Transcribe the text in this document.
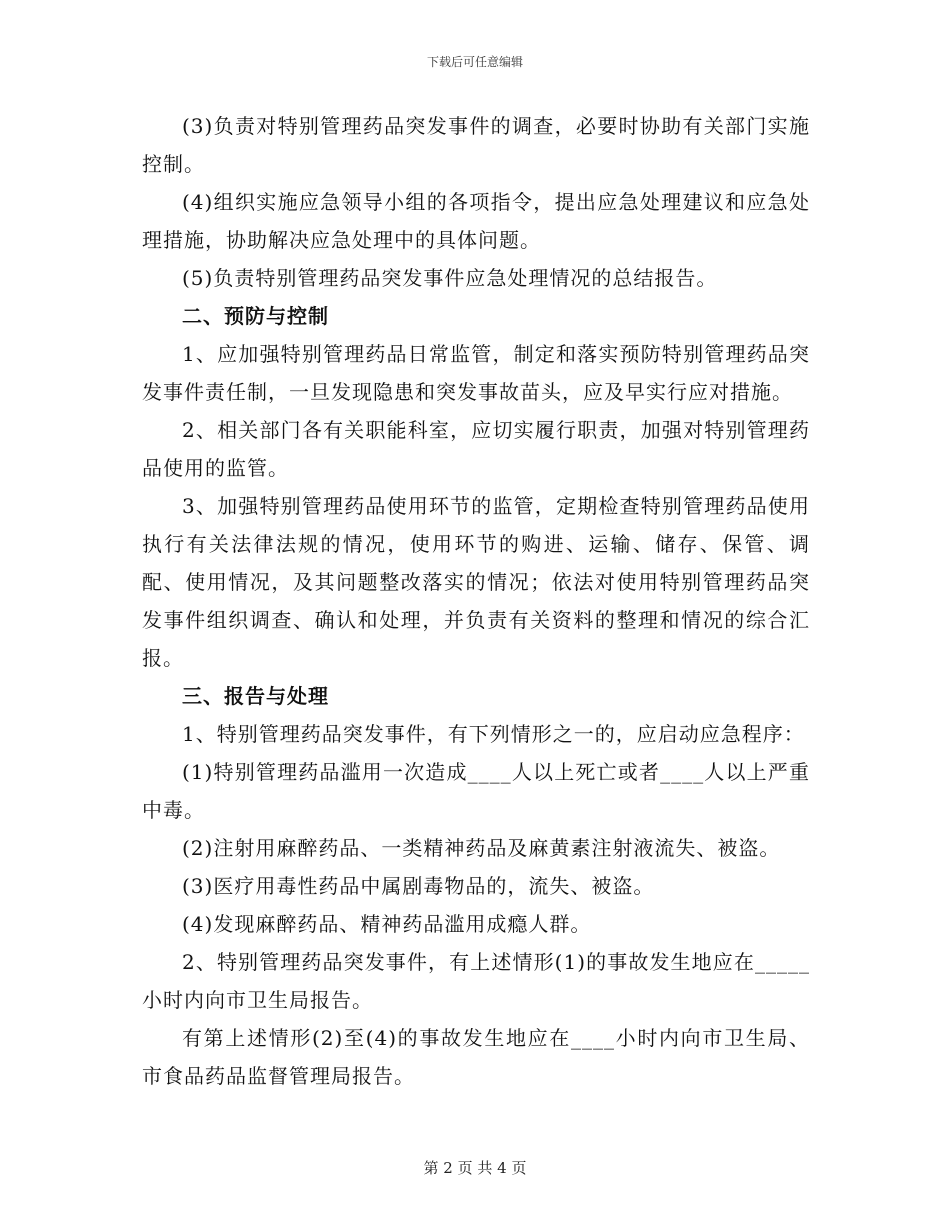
下载后可任意编辑

(3)负责对特别管理药品突发事件的调查，必要时协助有关部门实施控制。

(4)组织实施应急领导小组的各项指令，提出应急处理建议和应急处理措施，协助解决应急处理中的具体问题。

(5)负责特别管理药品突发事件应急处理情况的总结报告。

二、预防与控制

1、应加强特别管理药品日常监管，制定和落实预防特别管理药品突发事件责任制，一旦发现隐患和突发事故苗头，应及早实行应对措施。

2、相关部门各有关职能科室，应切实履行职责，加强对特别管理药品使用的监管。

3、加强特别管理药品使用环节的监管，定期检查特别管理药品使用执行有关法律法规的情况，使用环节的购进、运输、储存、保管、调配、使用情况，及其问题整改落实的情况；依法对使用特别管理药品突发事件组织调查、确认和处理，并负责有关资料的整理和情况的综合汇报。

三、报告与处理

1、特别管理药品突发事件，有下列情形之一的，应启动应急程序：

(1)特别管理药品滥用一次造成____人以上死亡或者____人以上严重中毒。

(2)注射用麻醉药品、一类精神药品及麻黄素注射液流失、被盗。

(3)医疗用毒性药品中属剧毒物品的，流失、被盗。

(4)发现麻醉药品、精神药品滥用成瘾人群。

2、特别管理药品突发事件，有上述情形(1)的事故发生地应在_____小时内向市卫生局报告。

有第上述情形(2)至(4)的事故发生地应在____小时内向市卫生局、市食品药品监督管理局报告。

第 2 页 共 4 页
